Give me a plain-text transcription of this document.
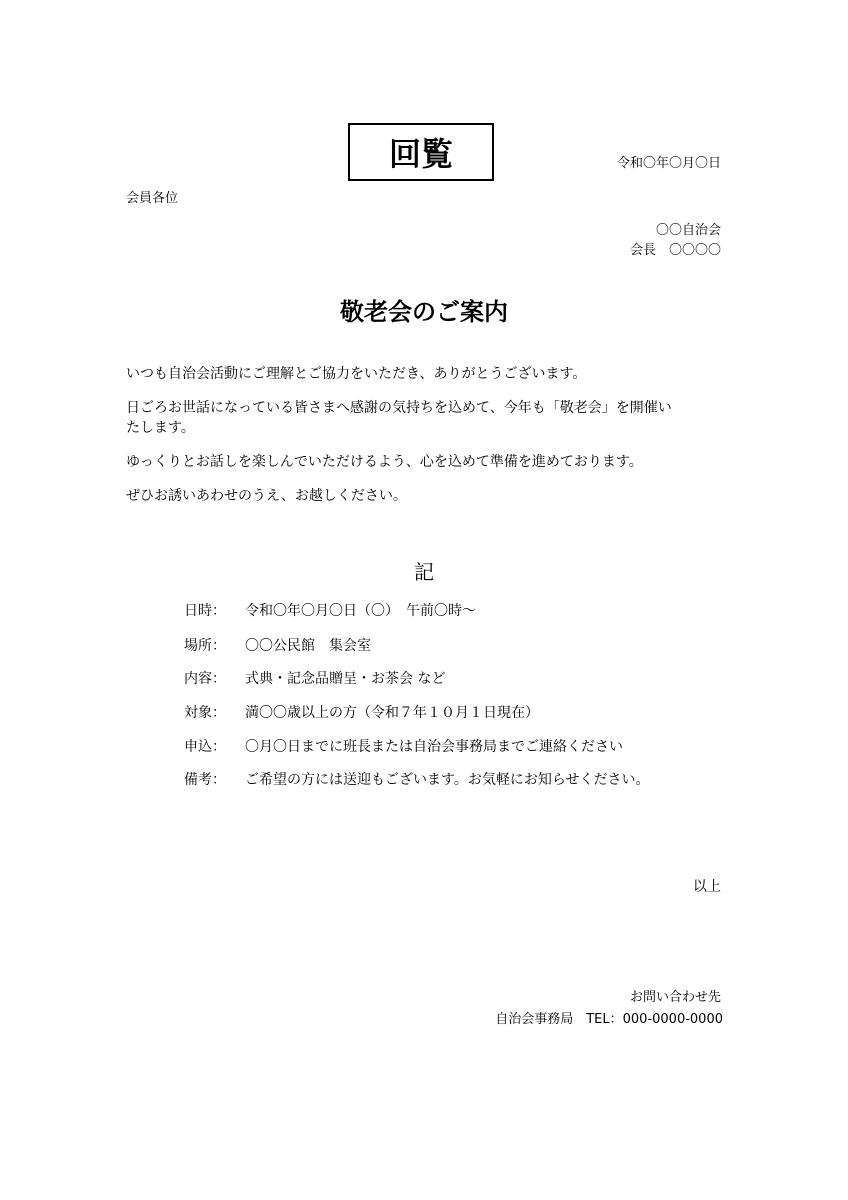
回覧	令和〇年〇月〇日
会員各位
〇〇自治会
会長　〇〇〇〇
敬老会のご案内
いつも自治会活動にご理解とご協力をいただき、ありがとうございます。
日ごろお世話になっている皆さまへ感謝の気持ちを込めて、今年も「敬老会」を開催い
たします。
ゆっくりとお話しを楽しんでいただけるよう、心を込めて準備を進めております。
ぜひお誘いあわせのうえ、お越しください。
記
日時：	令和〇年〇月〇日（〇）　午前〇時～
場所：	〇〇公民館　集会室
内容：	式典・記念品贈呈・お茶会 など
対象：	満〇〇歳以上の方（令和７年１０月１日現在）
申込：	〇月〇日までに班長または自治会事務局までご連絡ください
備考：	ご希望の方には送迎もございます。お気軽にお知らせください。
以上
お問い合わせ先
自治会事務局　TEL：000-0000-0000
